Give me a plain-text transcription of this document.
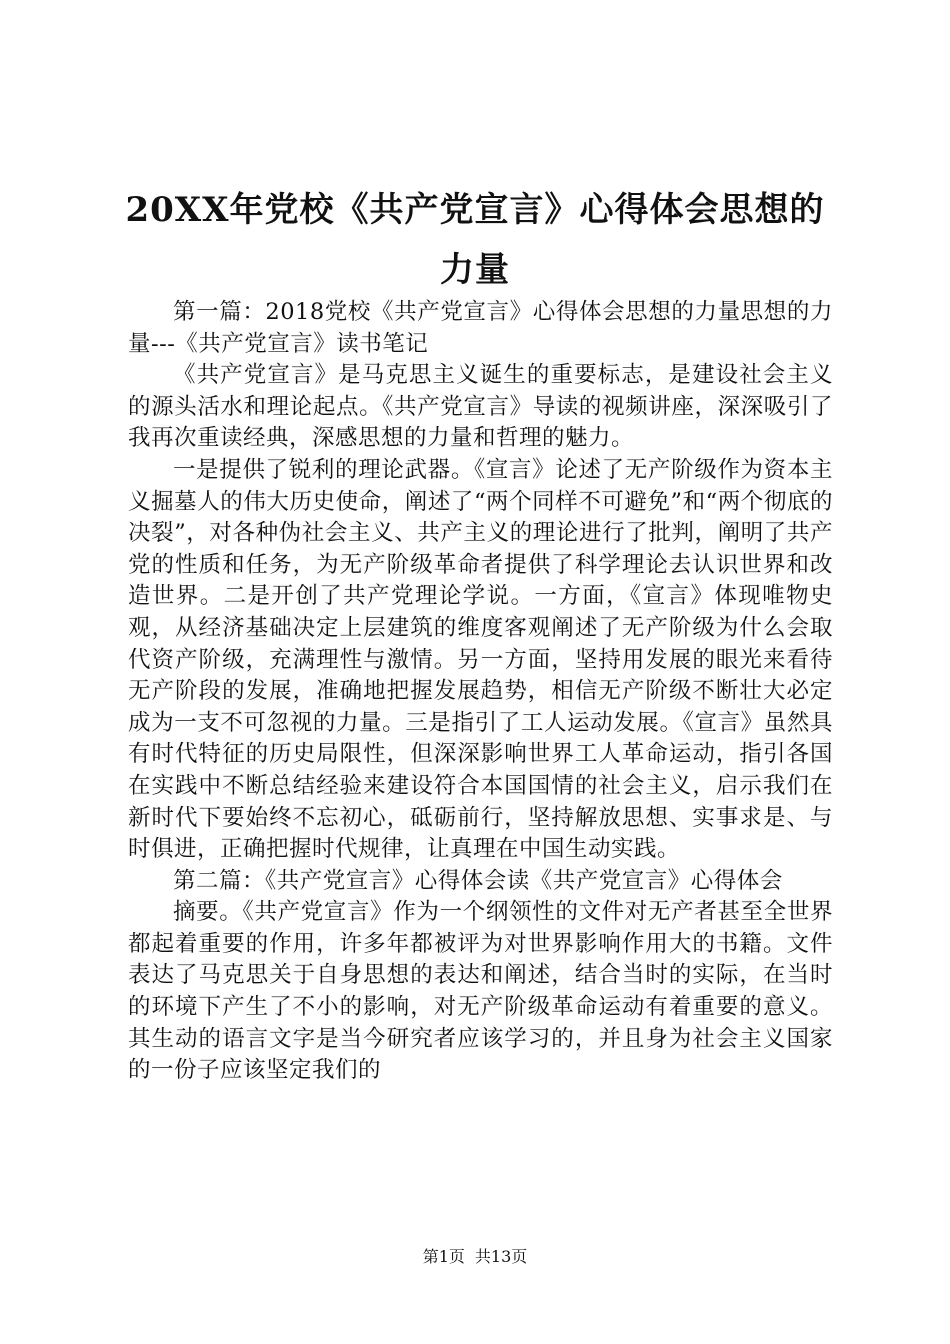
20XX年党校《共产党宣言》心得体会思想的
力量

第一篇：2018党校《共产党宣言》心得体会思想的力量思想的力量---《共产党宣言》读书笔记

《共产党宣言》是马克思主义诞生的重要标志，是建设社会主义的源头活水和理论起点。《共产党宣言》导读的视频讲座，深深吸引了我再次重读经典，深感思想的力量和哲理的魅力。

一是提供了锐利的理论武器。《宣言》论述了无产阶级作为资本主义掘墓人的伟大历史使命，阐述了“两个同样不可避免”和“两个彻底的决裂”，对各种伪社会主义、共产主义的理论进行了批判，阐明了共产党的性质和任务，为无产阶级革命者提供了科学理论去认识世界和改造世界。二是开创了共产党理论学说。一方面，《宣言》体现唯物史观，从经济基础决定上层建筑的维度客观阐述了无产阶级为什么会取代资产阶级，充满理性与激情。另一方面，坚持用发展的眼光来看待无产阶段的发展，准确地把握发展趋势，相信无产阶级不断壮大必定成为一支不可忽视的力量。三是指引了工人运动发展。《宣言》虽然具有时代特征的历史局限性，但深深影响世界工人革命运动，指引各国在实践中不断总结经验来建设符合本国国情的社会主义，启示我们在新时代下要始终不忘初心，砥砺前行，坚持解放思想、实事求是、与时俱进，正确把握时代规律，让真理在中国生动实践。

第二篇：《共产党宣言》心得体会读《共产党宣言》心得体会

摘要。《共产党宣言》作为一个纲领性的文件对无产者甚至全世界都起着重要的作用，许多年都被评为对世界影响作用大的书籍。文件表达了马克思关于自身思想的表达和阐述，结合当时的实际，在当时的环境下产生了不小的影响，对无产阶级革命运动有着重要的意义。其生动的语言文字是当今研究者应该学习的，并且身为社会主义国家的一份子应该坚定我们的

第1页 共13页
